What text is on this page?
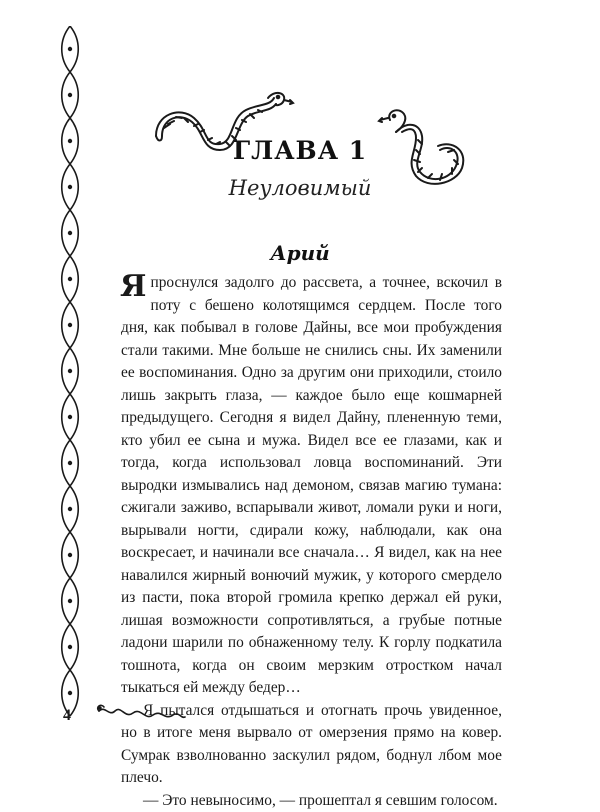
ГЛАВА 1
Неуловимый
Арий

Я проснулся задолго до рассвета, а точнее, вскочил в поту с бешено колотящимся сердцем. После того дня, как побывал в голове Дайны, все мои пробуждения стали такими. Мне больше не снились сны. Их заменили ее воспоминания. Однo за другим они приходили, стоило лишь закрыть глаза, — каждое было еще кошмарней предыдущего. Сегодня я видел Дайну, плененную теми, кто убил ее сына и мужа. Видел все ее глазами, как и тогда, когда использовал ловца воспоминаний. Эти выродки измывались над демоном, связав магию тумана: сжигали заживо, вспарывали живот, ломали руки и ноги, вырывали ногти, сдирали кожу, наблюдали, как она воскресает, и начинали все сначала… Я видел, как на нее навалился жирный вонючий мужик, у которого смердело из пасти, пока второй громила крепко держал ей руки, лишая возможности сопротивляться, а грубые потные ладони шарили по обнаженному телу. К горлу подкатила тошнота, когда он своим мерзким отростком начал тыкаться ей между бедер…

Я пытался отдышаться и отогнать прочь увиденное, но в итоге меня вырвало от омерзения прямо на ковер. Сумрак взволнованно заскулил рядом, боднул лбом мое плечо.

— Это невыносимо, — прошептал я севшим голосом.

4
